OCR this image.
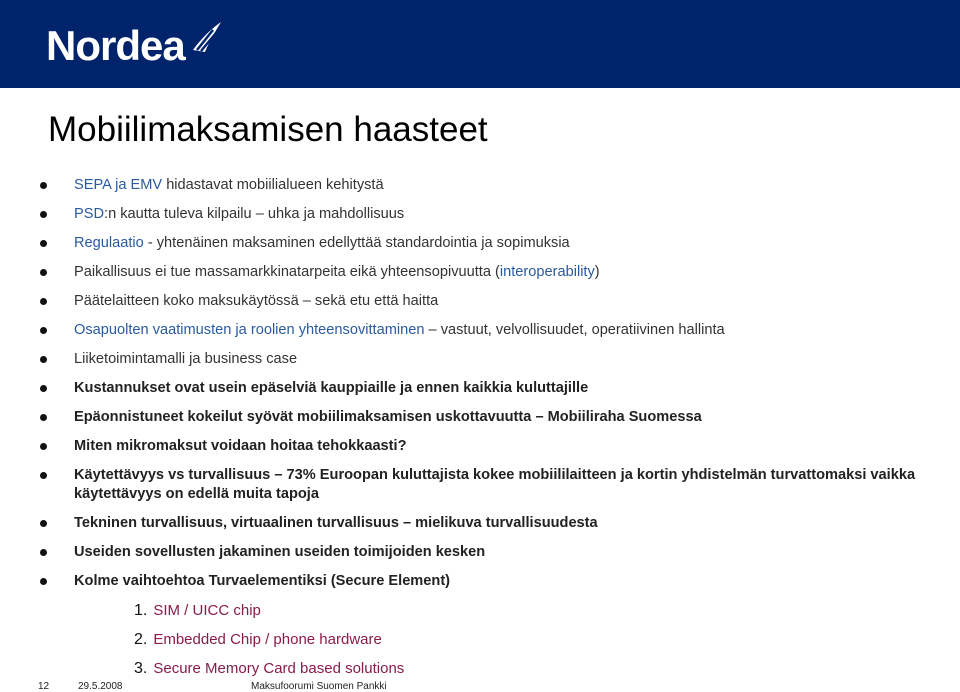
Nordea
Mobiilimaksamisen haasteet
SEPA ja EMV hidastavat mobiilialueen kehitystä
PSD:n kautta tuleva kilpailu – uhka ja mahdollisuus
Regulaatio - yhtenäinen maksaminen edellyttää standardointia ja sopimuksia
Paikallisuus ei tue massamarkkinatarpeita eikä yhteensopivuutta (interoperability)
Päätelaitteen koko maksukäytössä – sekä etu että haitta
Osapuolten vaatimusten ja roolien yhteensovittaminen – vastuut, velvollisuudet, operatiivinen hallinta
Liiketoimintamalli ja business case
Kustannukset ovat usein epäselviä kauppiaille ja ennen kaikkia kuluttajille
Epäonnistuneet kokeilut syövät mobiilimaksamisen uskottavuutta – Mobiiliraha Suomessa
Miten mikromaksut voidaan hoitaa tehokkaasti?
Käytettävyys vs turvallisuus – 73% Euroopan kuluttajista kokee mobiililaitteen ja kortin yhdistelmän turvattomaksi vaikka käytettävyys on edellä muita tapoja
Tekninen turvallisuus, virtuaalinen turvallisuus – mielikuva turvallisuudesta
Useiden sovellusten jakaminen useiden toimijoiden kesken
Kolme vaihtoehtoa Turvaelementiksi (Secure Element)
1. SIM / UICC chip
2. Embedded Chip / phone hardware
3. Secure Memory Card based solutions
12	29.5.2008	Maksufoorumi Suomen Pankki
